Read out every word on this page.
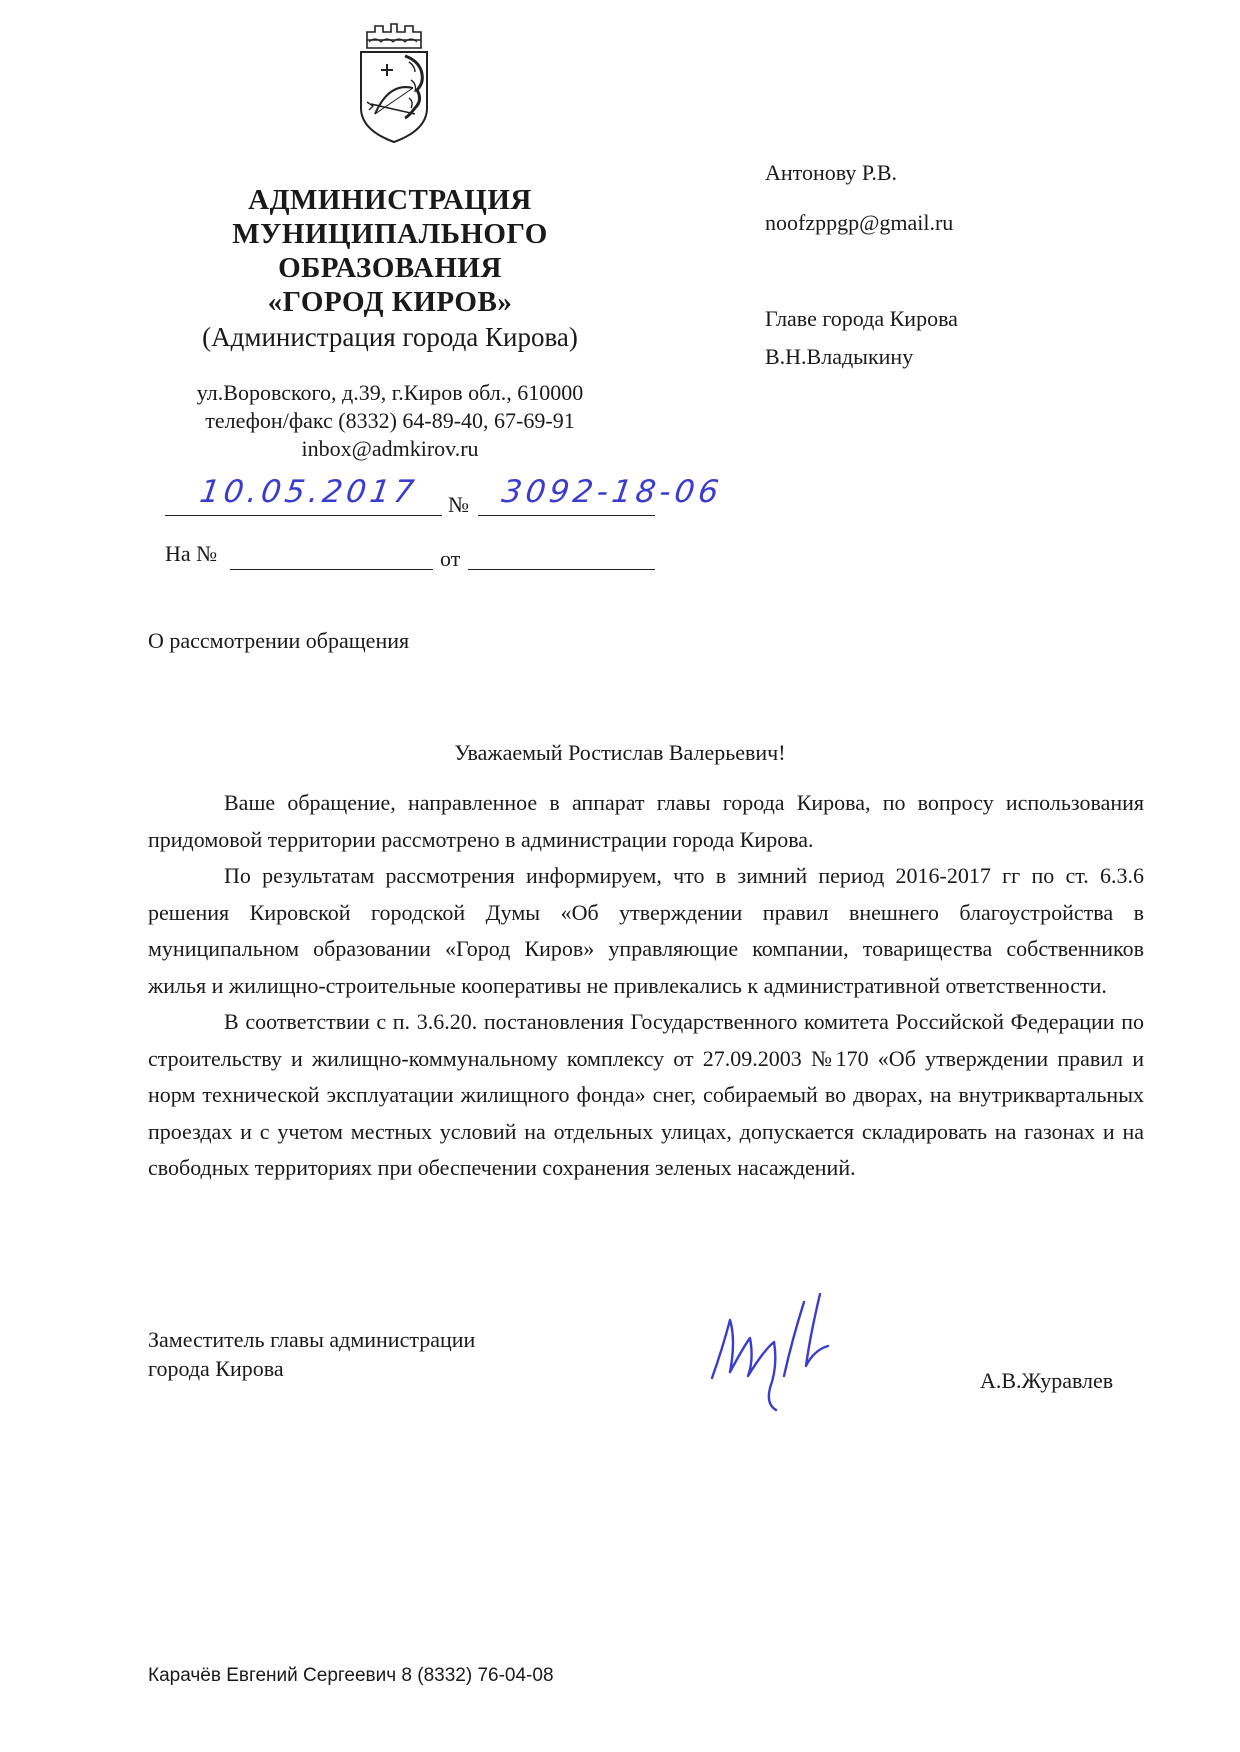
АДМИНИСТРАЦИЯ
МУНИЦИПАЛЬНОГО
ОБРАЗОВАНИЯ
«ГОРОД КИРОВ»
(Администрация города Кирова)
ул.Воровского, д.39, г.Киров обл., 610000
телефон/факс (8332) 64-89-40, 67-69-91
inbox@admkirov.ru
10.05.2017 № 3092-18-06
На №	от
Антонову Р.В.
noofzppgp@gmail.ru
Главе города Кирова
В.Н.Владыкину
О рассмотрении обращения
Уважаемый Ростислав Валерьевич!

Ваше обращение, направленное в аппарат главы города Кирова, по вопросу использования придомовой территории рассмотрено в администрации города Кирова.

По результатам рассмотрения информируем, что в зимний период 2016-2017 гг по ст. 6.3.6 решения Кировской городской Думы «Об утверждении правил внешнего благоустройства в муниципальном образовании «Город Киров» управляющие компании, товарищества собственников жилья и жилищно-строительные кооперативы не привлекались к административной ответственности.

В соответствии с п. 3.6.20. постановления Государственного комитета Российской Федерации по строительству и жилищно-коммунальному комплексу от 27.09.2003 №170 «Об утверждении правил и норм технической эксплуатации жилищного фонда» снег, собираемый во дворах, на внутриквартальных проездах и с учетом местных условий на отдельных улицах, допускается складировать на газонах и на свободных территориях при обеспечении сохранения зеленых насаждений.

Заместитель главы администрации
города Кирова	А.В.Журавлев
Карачёв Евгений Сергеевич 8 (8332) 76-04-08
